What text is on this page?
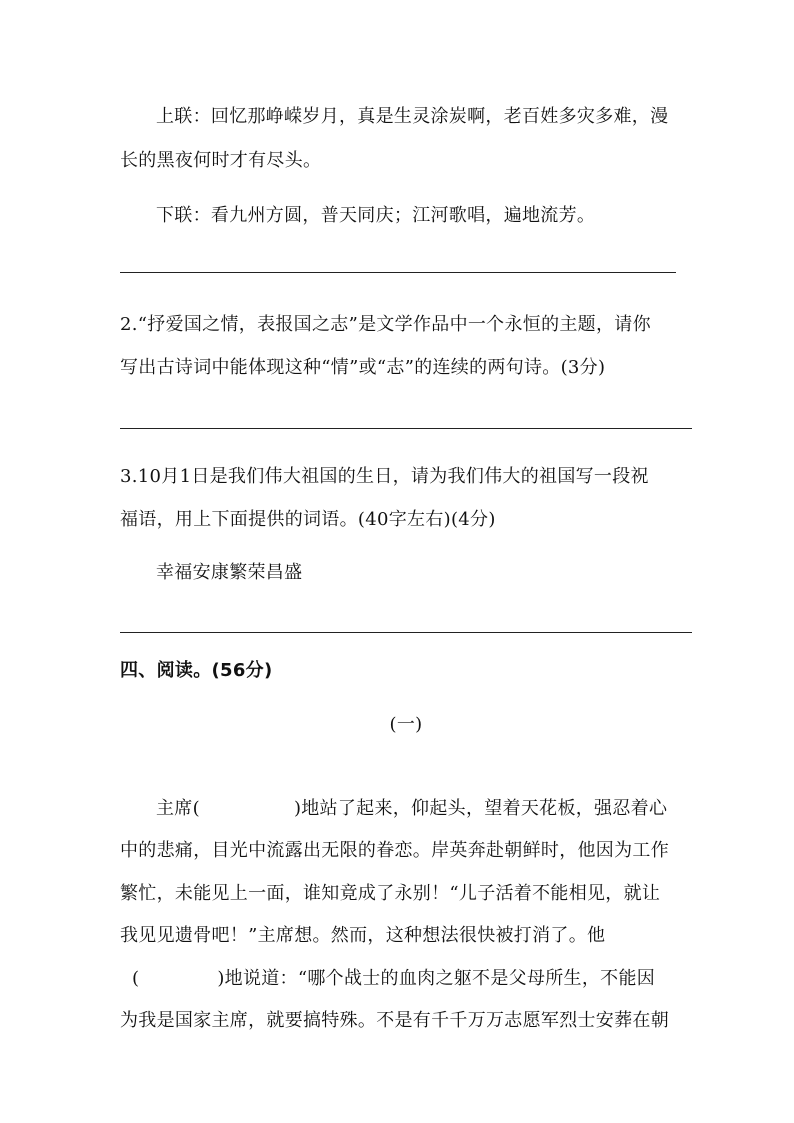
上联：回忆那峥嵘岁月，真是生灵涂炭啊，老百姓多灾多难，漫
长的黑夜何时才有尽头。
下联：看九州方圆，普天同庆；江河歌唱，遍地流芳。
2.“抒爱国之情，表报国之志”是文学作品中一个永恒的主题，请你
写出古诗词中能体现这种“情”或“志”的连续的两句诗。(3分)
3.10月1日是我们伟大祖国的生日，请为我们伟大的祖国写一段祝
福语，用上下面提供的词语。(40字左右)(4分)
幸福安康繁荣昌盛
四、阅读。(56分)
(一)
主席(	)地站了起来，仰起头，望着天花板，强忍着心
中的悲痛，目光中流露出无限的眷恋。岸英奔赴朝鲜时，他因为工作
繁忙，未能见上一面，谁知竟成了永别！“儿子活着不能相见，就让
我见见遗骨吧！”主席想。然而，这种想法很快被打消了。他
(	)地说道：“哪个战士的血肉之躯不是父母所生，不能因
为我是国家主席，就要搞特殊。不是有千千万万志愿军烈士安葬在朝
